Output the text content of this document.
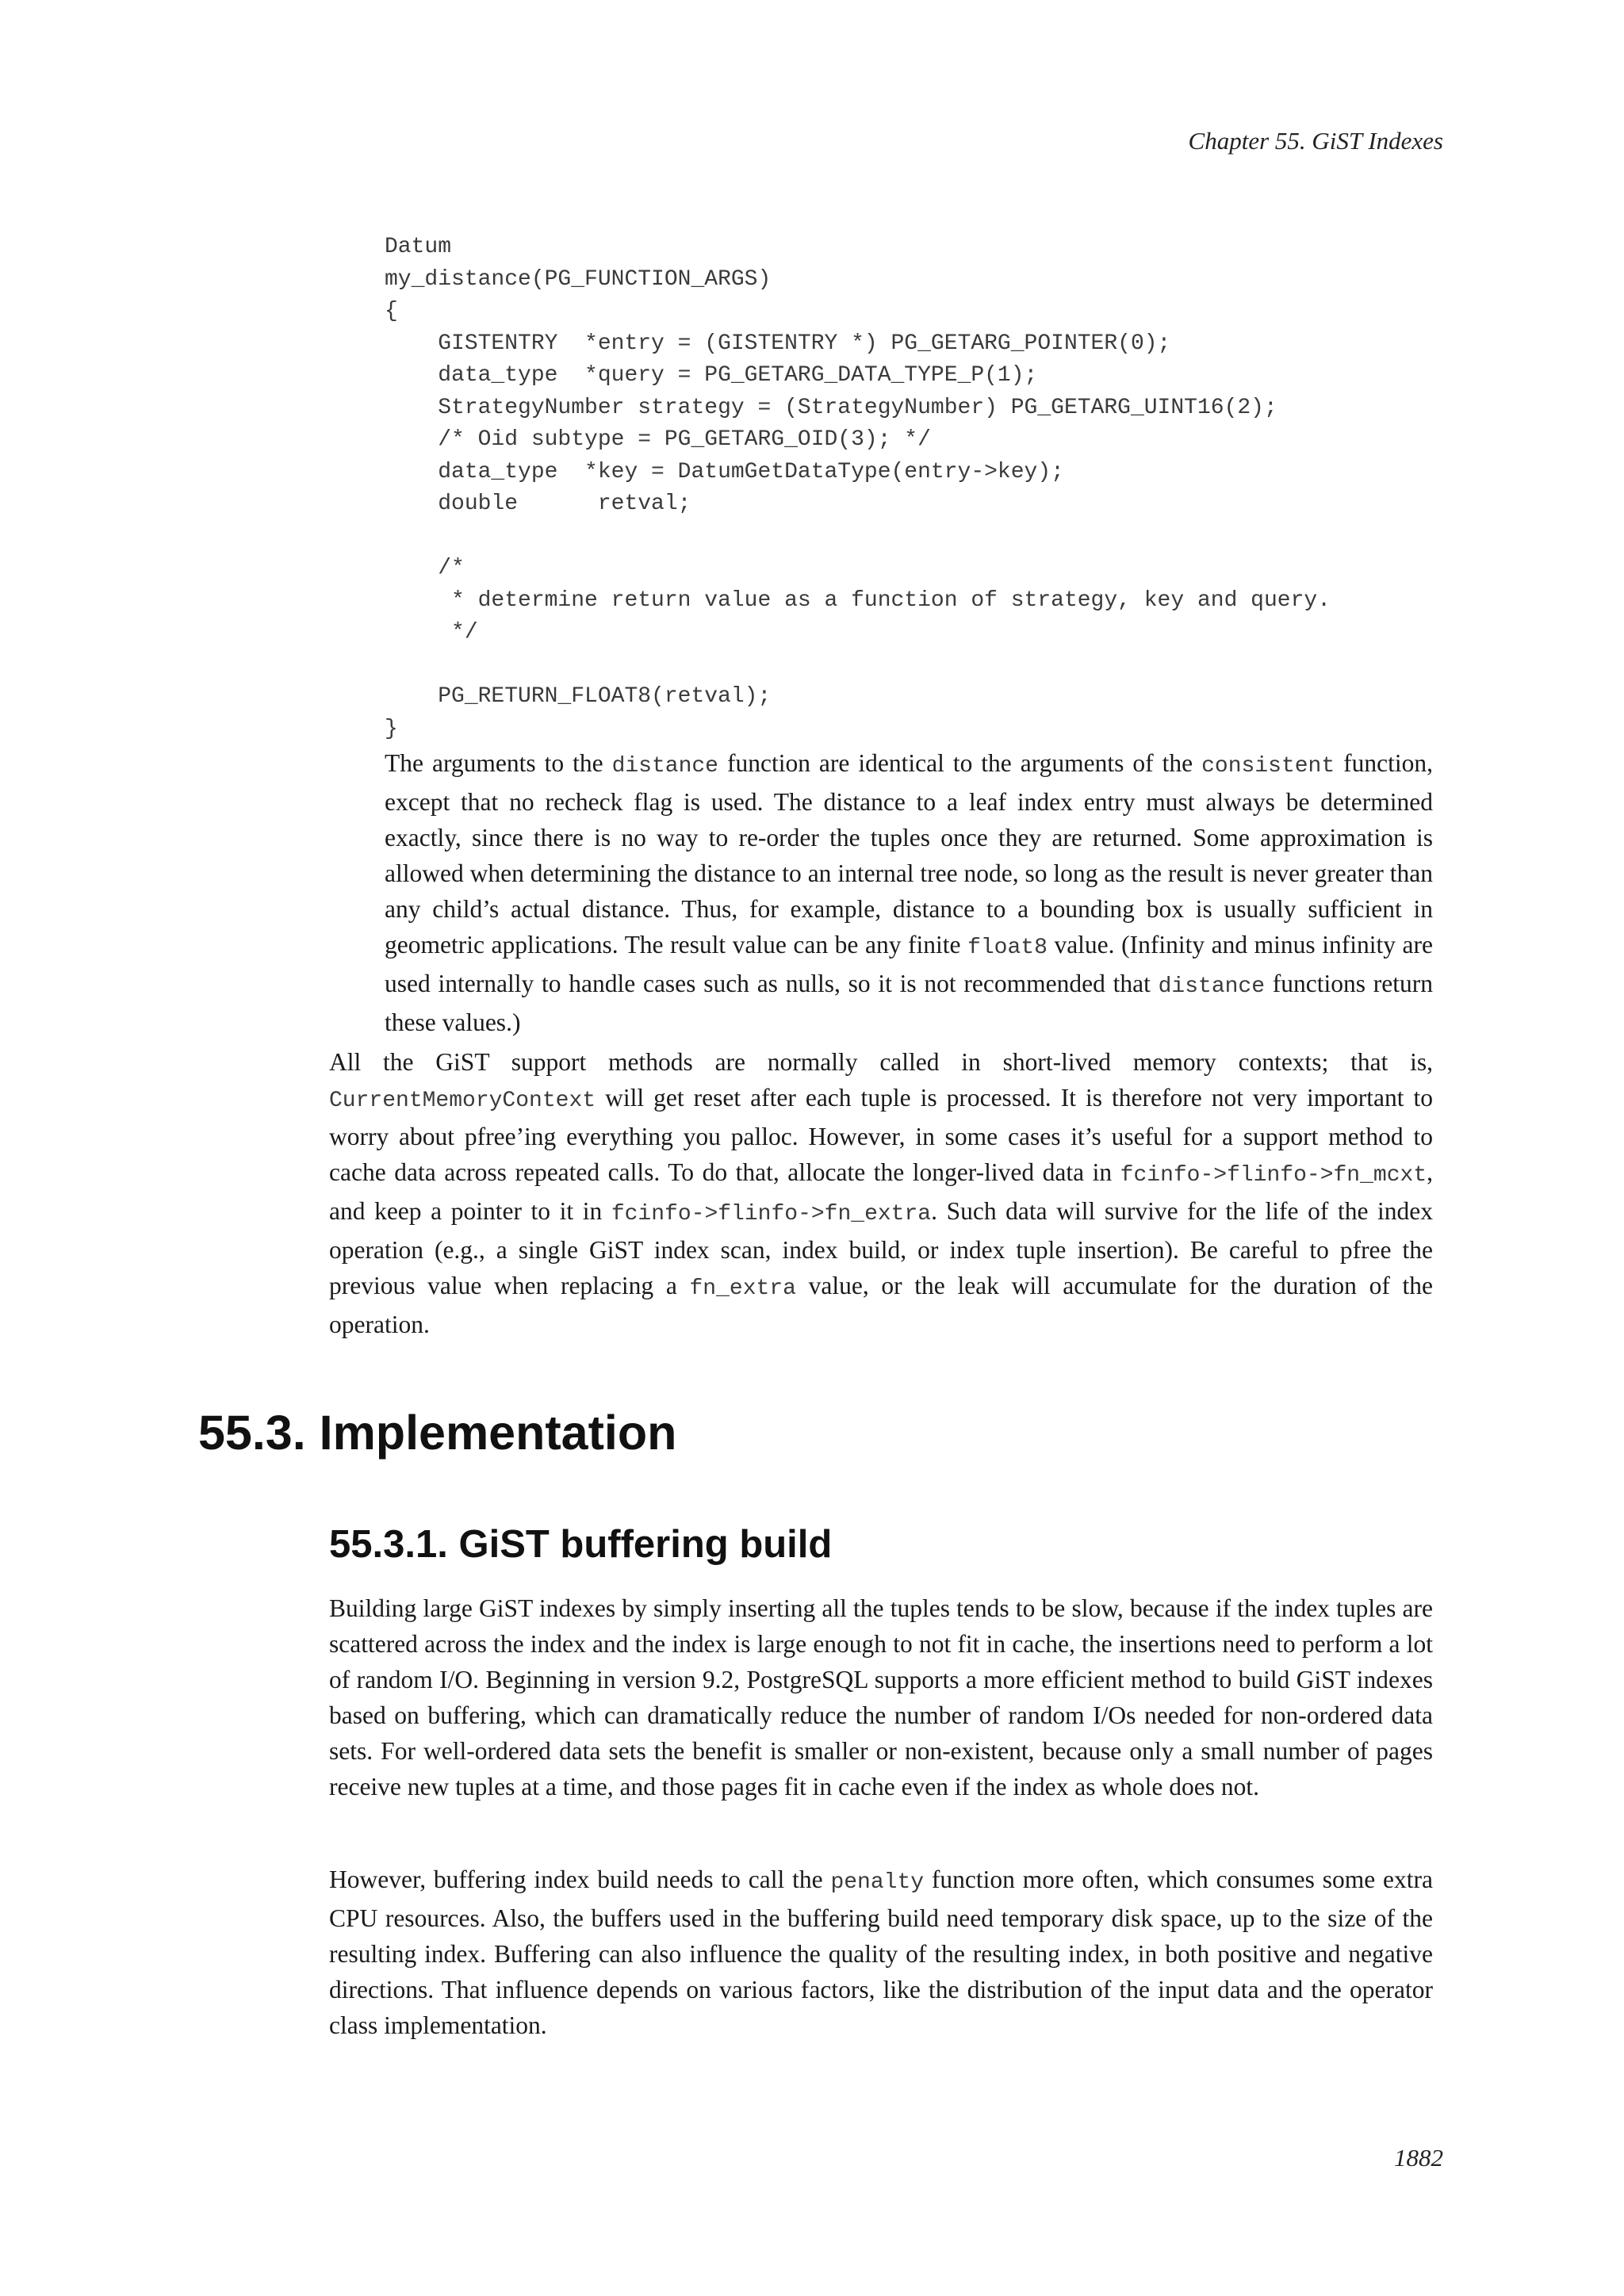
Chapter 55. GiST Indexes
Datum
my_distance(PG_FUNCTION_ARGS)
{
GISTENTRY  *entry = (GISTENTRY *) PG_GETARG_POINTER(0);
data_type  *query = PG_GETARG_DATA_TYPE_P(1);
StrategyNumber strategy = (StrategyNumber) PG_GETARG_UINT16(2);
/* Oid subtype = PG_GETARG_OID(3); */
data_type  *key = DatumGetDataType(entry->key);
double      retval;
/*
* determine return value as a function of strategy, key and query.
*/
PG_RETURN_FLOAT8(retval);
}

The arguments to the distance function are identical to the arguments of the consistent function, except that no recheck flag is used. The distance to a leaf index entry must always be determined exactly, since there is no way to re-order the tuples once they are returned. Some approximation is allowed when determining the distance to an internal tree node, so long as the result is never greater than any child’s actual distance. Thus, for example, distance to a bounding box is usually sufficient in geometric applications. The result value can be any finite float8 value. (Infinity and minus infinity are used internally to handle cases such as nulls, so it is not recommended that distance functions return these values.)

All the GiST support methods are normally called in short-lived memory contexts; that is, CurrentMemoryContext will get reset after each tuple is processed. It is therefore not very important to worry about pfree’ing everything you palloc. However, in some cases it’s useful for a support method to cache data across repeated calls. To do that, allocate the longer-lived data in fcinfo->flinfo->fn_mcxt, and keep a pointer to it in fcinfo->flinfo->fn_extra. Such data will survive for the life of the index operation (e.g., a single GiST index scan, index build, or index tuple insertion). Be careful to pfree the previous value when replacing a fn_extra value, or the leak will accumulate for the duration of the operation.

55.3. Implementation
55.3.1. GiST buffering build

Building large GiST indexes by simply inserting all the tuples tends to be slow, because if the index tuples are scattered across the index and the index is large enough to not fit in cache, the insertions need to perform a lot of random I/O. Beginning in version 9.2, PostgreSQL supports a more efficient method to build GiST indexes based on buffering, which can dramatically reduce the number of random I/Os needed for non-ordered data sets. For well-ordered data sets the benefit is smaller or non-existent, because only a small number of pages receive new tuples at a time, and those pages fit in cache even if the index as whole does not.

However, buffering index build needs to call the penalty function more often, which consumes some extra CPU resources. Also, the buffers used in the buffering build need temporary disk space, up to the size of the resulting index. Buffering can also influence the quality of the resulting index, in both positive and negative directions. That influence depends on various factors, like the distribution of the input data and the operator class implementation.

1882
